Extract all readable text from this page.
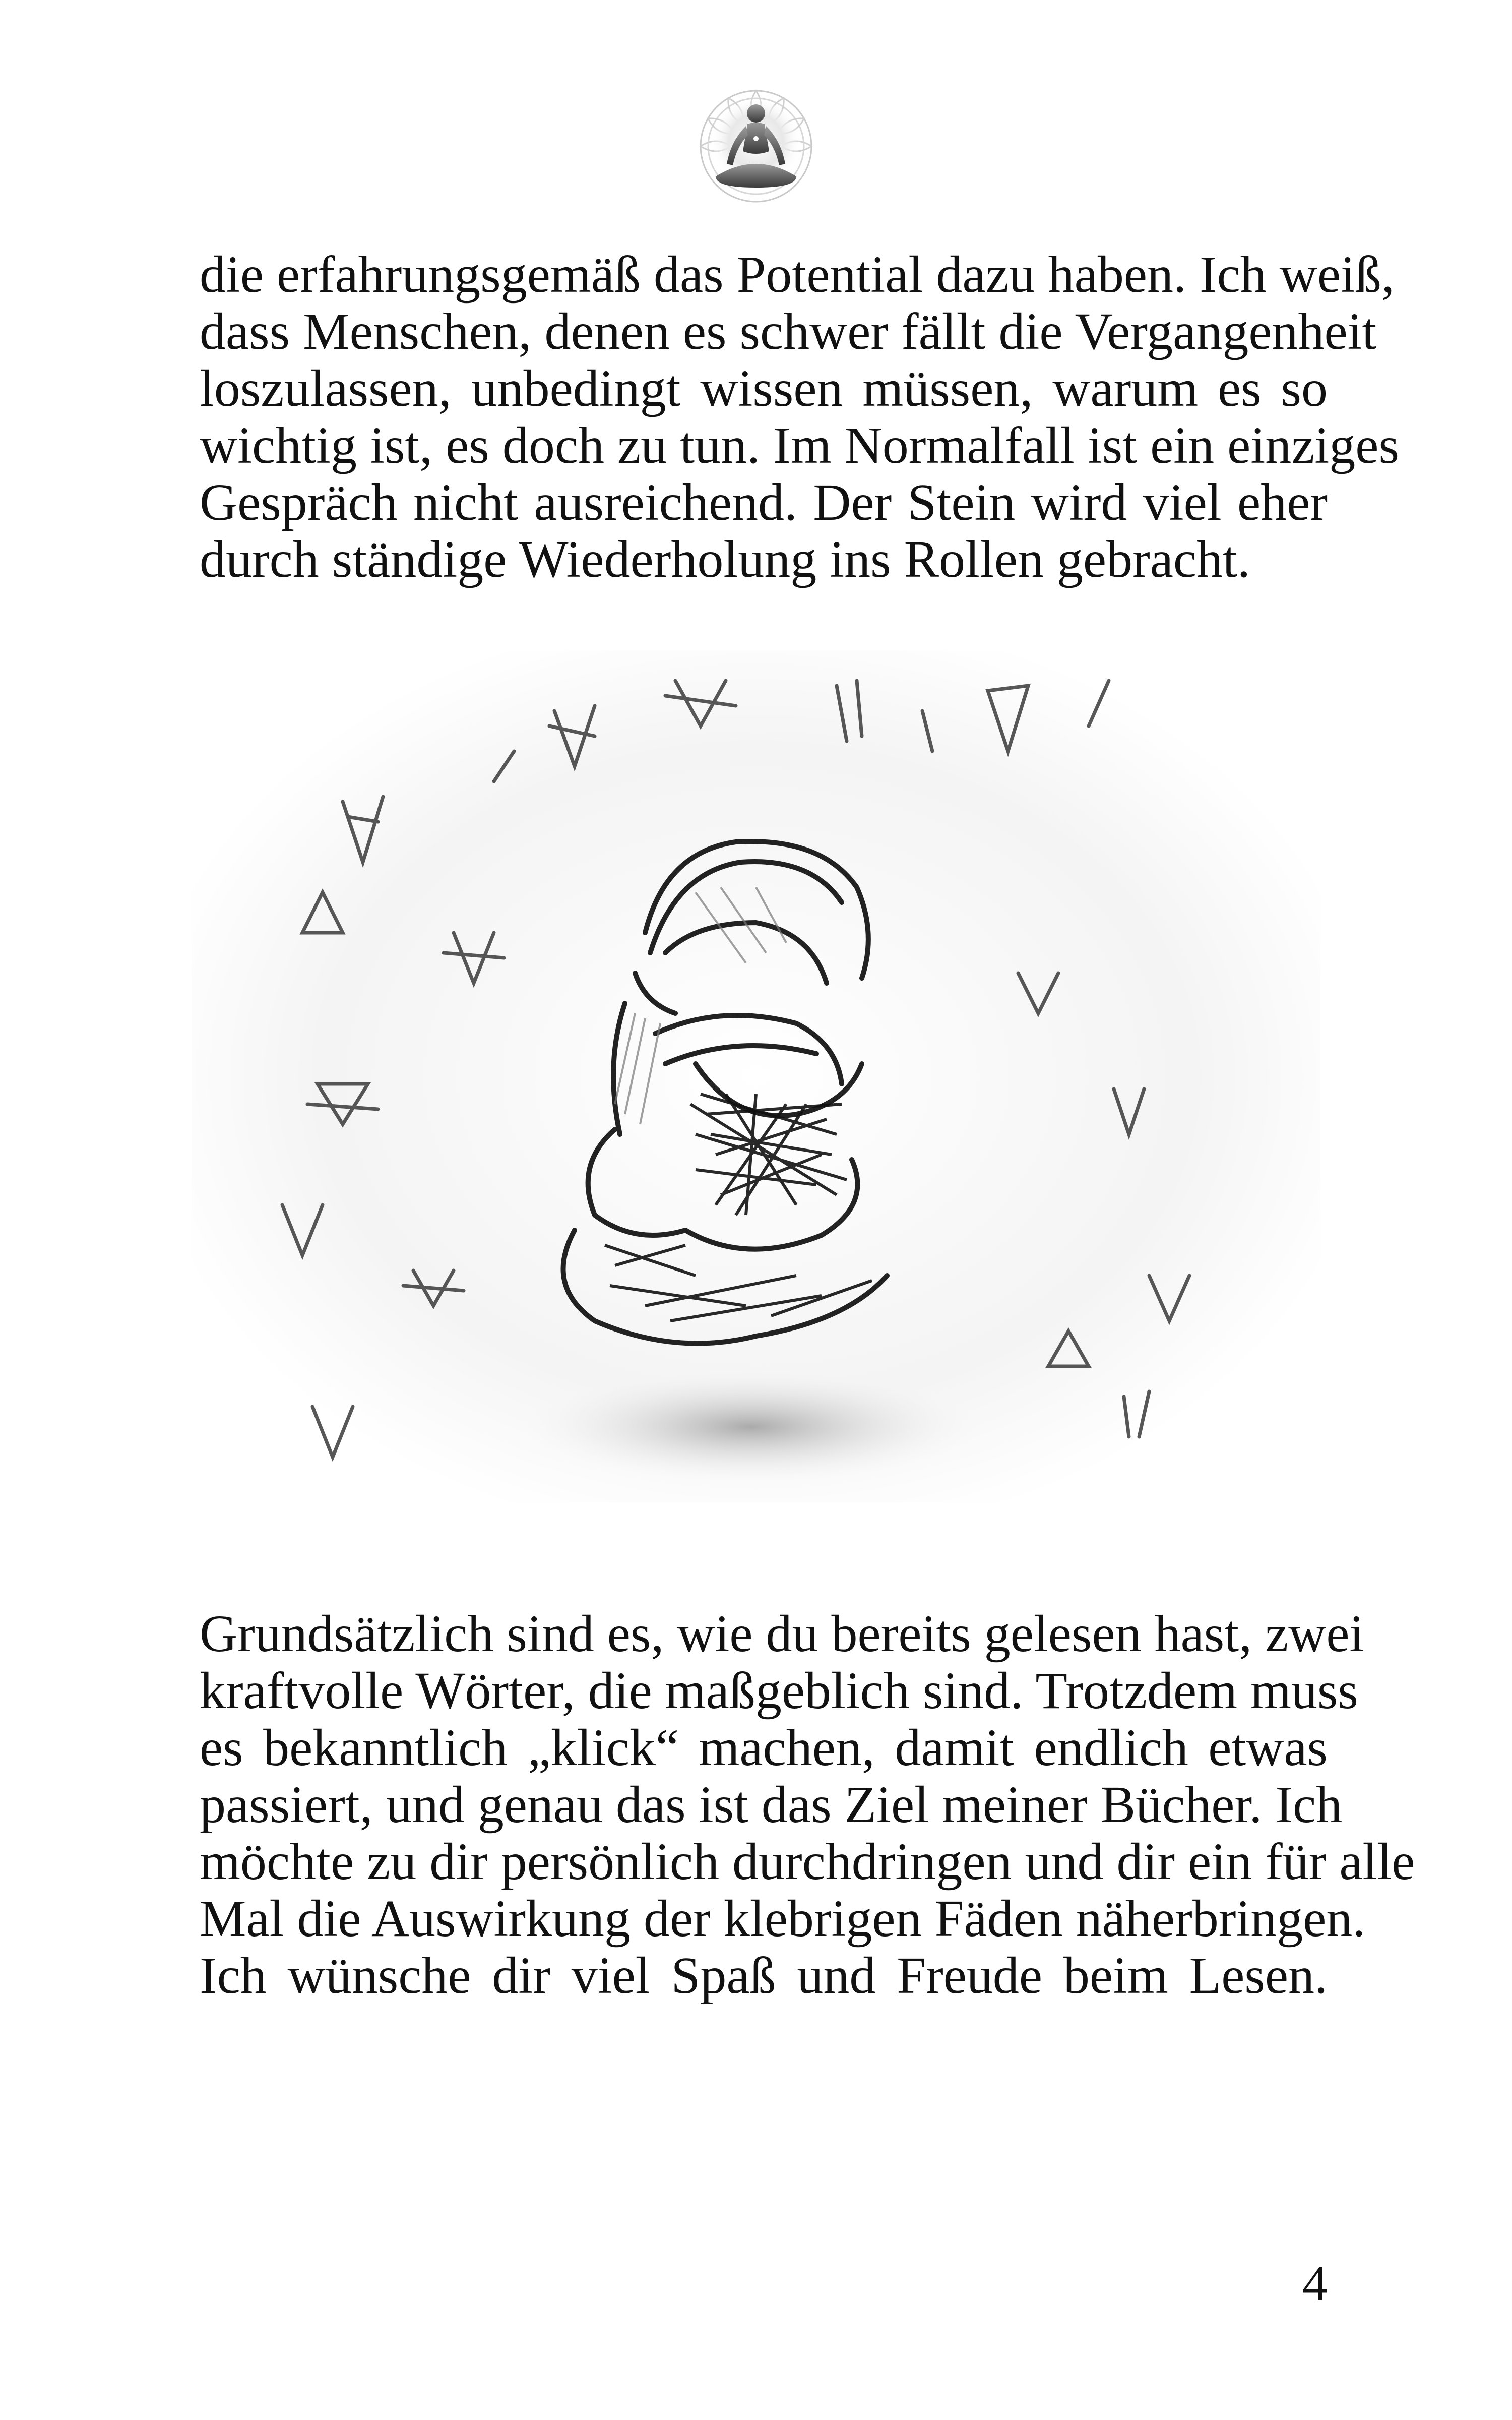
die erfahrungsgemäß das Potential dazu haben. Ich weiß,
dass Menschen, denen es schwer fällt die Vergangenheit
loszulassen, unbedingt wissen müssen, warum es so
wichtig ist, es doch zu tun. Im Normalfall ist ein einziges
Gespräch nicht ausreichend. Der Stein wird viel eher
durch ständige Wiederholung ins Rollen gebracht.

Grundsätzlich sind es, wie du bereits gelesen hast, zwei
kraftvolle Wörter, die maßgeblich sind. Trotzdem muss
es bekanntlich „klick“ machen, damit endlich etwas
passiert, und genau das ist das Ziel meiner Bücher. Ich
möchte zu dir persönlich durchdringen und dir ein für alle
Mal die Auswirkung der klebrigen Fäden näherbringen.
Ich wünsche dir viel Spaß und Freude beim Lesen.

4
